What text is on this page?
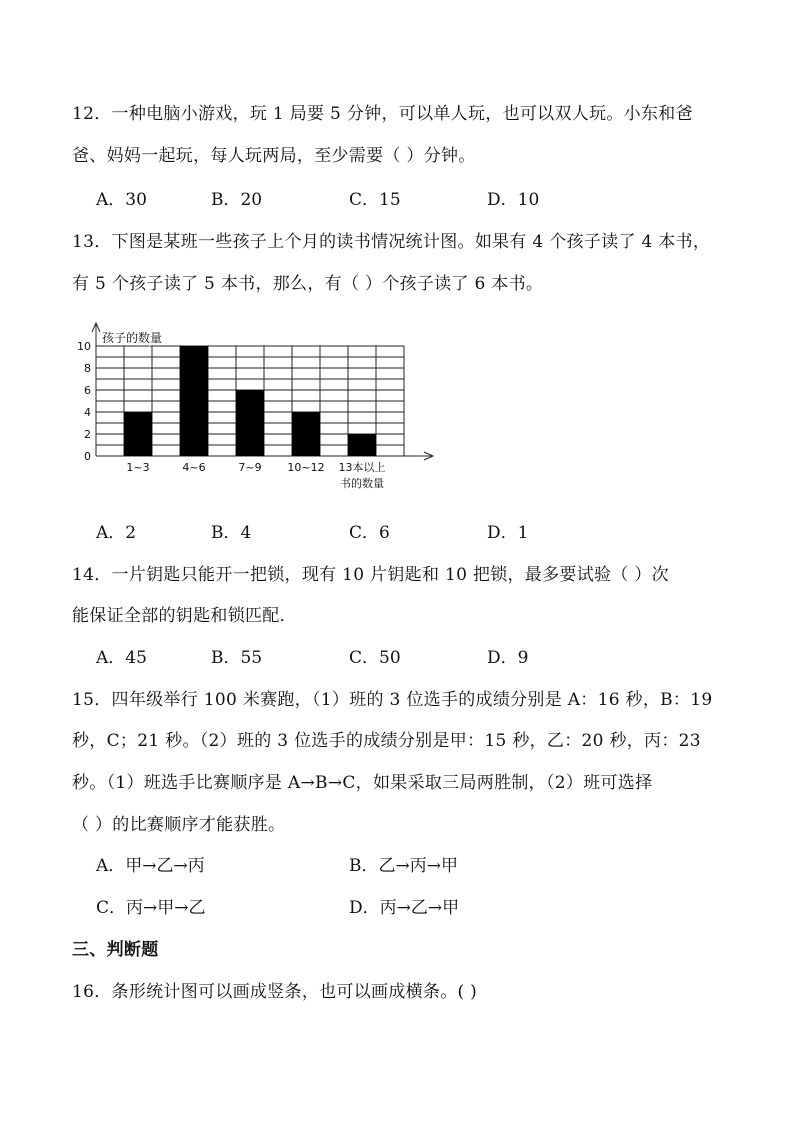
12．一种电脑小游戏，玩 1 局要 5 分钟，可以单人玩，也可以双人玩。小东和爸
爸、妈妈一起玩，每人玩两局，至少需要（ ）分钟。
A．30	B．20	C．15	D．10
13．下图是某班一些孩子上个月的读书情况统计图。如果有 4 个孩子读了 4 本书，
有 5 个孩子读了 5 本书，那么，有（ ）个孩子读了 6 本书。
孩子的数量
0
2
4
6
8
10
1~3	4~6	7~9 10~12 13本以上
书的数量
A．2	B．4	C．6	D．1
14．一片钥匙只能开一把锁，现有 10 片钥匙和 10 把锁，最多要试验（ ）次
能保证全部的钥匙和锁匹配．
A．45	B．55	C．50	D．9
15．四年级举行 100 米赛跑，（1）班的 3 位选手的成绩分别是 A：16 秒，B：19
秒，C；21 秒。（2）班的 3 位选手的成绩分别是甲：15 秒，乙：20 秒，丙：23
秒。（1）班选手比赛顺序是 A→B→C，如果采取三局两胜制，（2）班可选择
（ ）的比赛顺序才能获胜。
A．甲→乙→丙	B．乙→丙→甲
C．丙→甲→乙	D．丙→乙→甲
三、判断题
16．条形统计图可以画成竖条，也可以画成横条。( )
